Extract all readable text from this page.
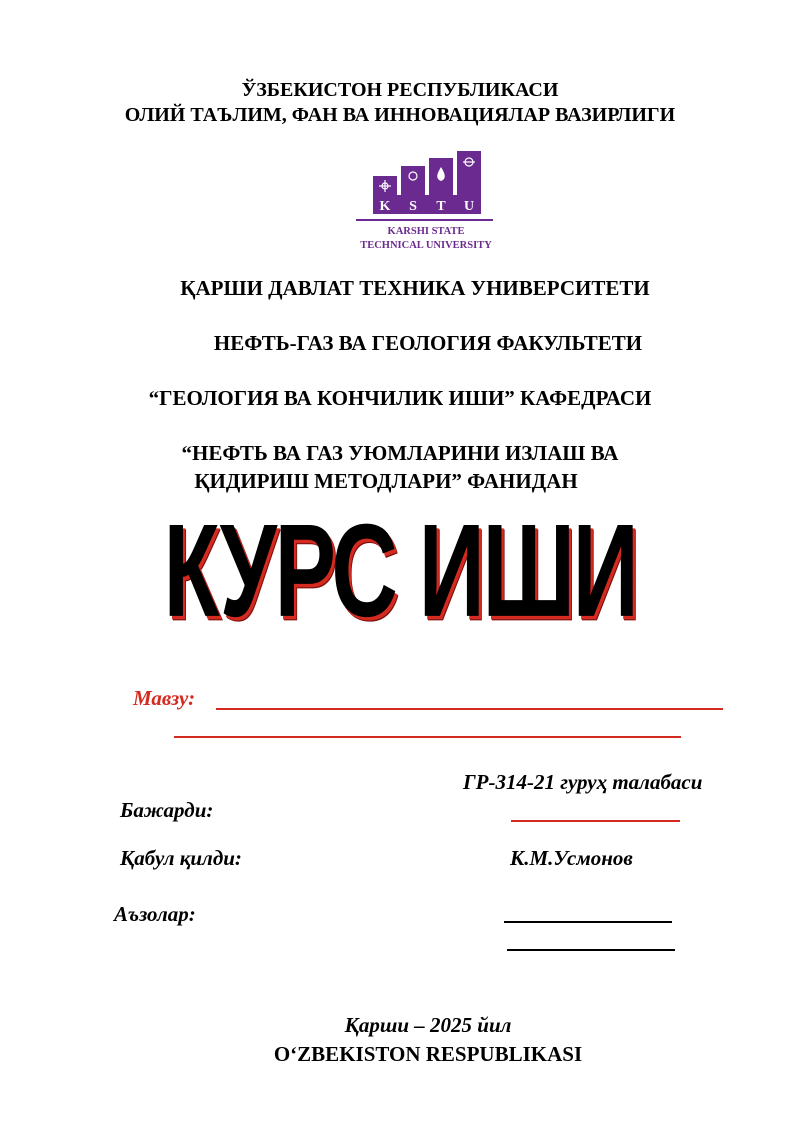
ЎЗБЕКИСТОН РЕСПУБЛИКАСИ
ОЛИЙ ТАЪЛИМ, ФАН ВА ИННОВАЦИЯЛАР ВАЗИРЛИГИ
K S T U
KARSHI STATE
TECHNICAL UNIVERSITY
ҚАРШИ ДАВЛАТ ТЕХНИКА УНИВЕРСИТЕТИ
НЕФТЬ-ГАЗ ВА ГЕОЛОГИЯ ФАКУЛЬТЕТИ
“ГЕОЛОГИЯ ВА КОНЧИЛИК ИШИ” КАФЕДРАСИ
“НЕФТЬ ВА ГАЗ УЮМЛАРИНИ ИЗЛАШ ВА
ҚИДИРИШ МЕТОДЛАРИ” ФАНИДАН
КУРС ИШИ
Мавзу:
ГР-314-21 гуруҳ талабаси
Бажарди:
Қабул қилди:	К.М.Усмонов
Аъзолар:
Қарши – 2025 йил
O‘ZBEKISTON RESPUBLIKASI
